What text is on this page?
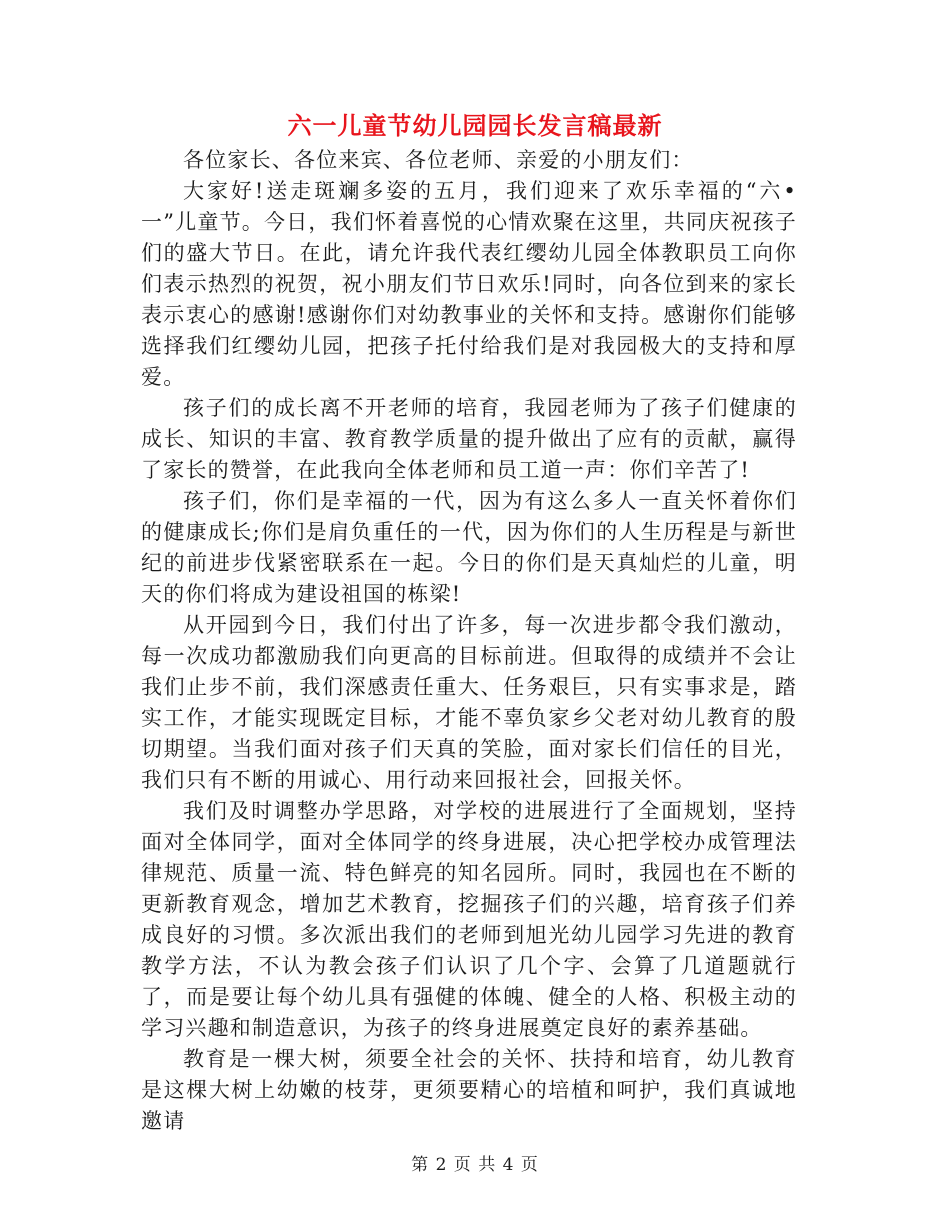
六一儿童节幼儿园园长发言稿最新

各位家长、各位来宾、各位老师、亲爱的小朋友们：

大家好!送走斑斓多姿的五月，我们迎来了欢乐幸福的“六•一”儿童节。今日，我们怀着喜悦的心情欢聚在这里，共同庆祝孩子们的盛大节日。在此，请允许我代表红缨幼儿园全体教职员工向你们表示热烈的祝贺，祝小朋友们节日欢乐!同时，向各位到来的家长表示衷心的感谢!感谢你们对幼教事业的关怀和支持。感谢你们能够选择我们红缨幼儿园，把孩子托付给我们是对我园极大的支持和厚爱。

孩子们的成长离不开老师的培育，我园老师为了孩子们健康的成长、知识的丰富、教育教学质量的提升做出了应有的贡献，赢得了家长的赞誉，在此我向全体老师和员工道一声：你们辛苦了!

孩子们，你们是幸福的一代，因为有这么多人一直关怀着你们的健康成长;你们是肩负重任的一代，因为你们的人生历程是与新世纪的前进步伐紧密联系在一起。今日的你们是天真灿烂的儿童，明天的你们将成为建设祖国的栋梁!

从开园到今日，我们付出了许多，每一次进步都令我们激动，每一次成功都激励我们向更高的目标前进。但取得的成绩并不会让我们止步不前，我们深感责任重大、任务艰巨，只有实事求是，踏实工作，才能实现既定目标，才能不辜负家乡父老对幼儿教育的殷切期望。当我们面对孩子们天真的笑脸，面对家长们信任的目光，我们只有不断的用诚心、用行动来回报社会，回报关怀。

我们及时调整办学思路，对学校的进展进行了全面规划，坚持面对全体同学，面对全体同学的终身进展，决心把学校办成管理法律规范、质量一流、特色鲜亮的知名园所。同时，我园也在不断的更新教育观念，增加艺术教育，挖掘孩子们的兴趣，培育孩子们养成良好的习惯。多次派出我们的老师到旭光幼儿园学习先进的教育教学方法，不认为教会孩子们认识了几个字、会算了几道题就行了，而是要让每个幼儿具有强健的体魄、健全的人格、积极主动的学习兴趣和制造意识，为孩子的终身进展奠定良好的素养基础。

教育是一棵大树，须要全社会的关怀、扶持和培育，幼儿教育是这棵大树上幼嫩的枝芽，更须要精心的培植和呵护，我们真诚地邀请

第 2 页 共 4 页
